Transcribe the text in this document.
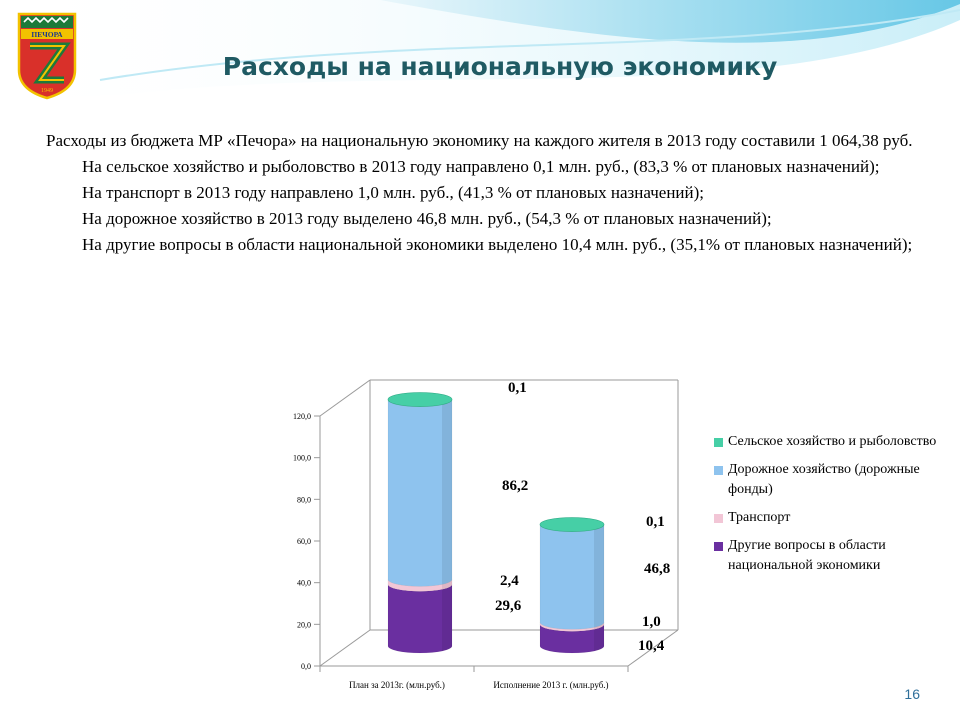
ПЕЧОРА
1949
Расходы на национальную экономику

Расходы из бюджета МР «Печора» на национальную экономику на каждого жителя в 2013 году составили 1 064,38 руб.

На сельское хозяйство и рыболовство в 2013 году направлено 0,1 млн. руб., (83,3 % от плановых назначений);

На транспорт в 2013 году направлено 1,0 млн. руб., (41,3 % от плановых назначений);

На дорожное хозяйство в 2013 году выделено 46,8 млн. руб., (54,3 % от плановых назначений);

На другие вопросы в области национальной экономики выделено 10,4 млн. руб., (35,1% от плановых назначений);

0,0
20,0
40,0
60,0
80,0
100,0
120,0
29,6
2,4
86,2
0,1
10,4
1,0
46,8
0,1
План за 2013г. (млн.руб.)	Исполнение 2013 г. (млн.руб.)
Сельское хозяйство и рыболовство
Дорожное хозяйство (дорожные фонды)
Транспорт
Другие вопросы в области национальной экономики
16
